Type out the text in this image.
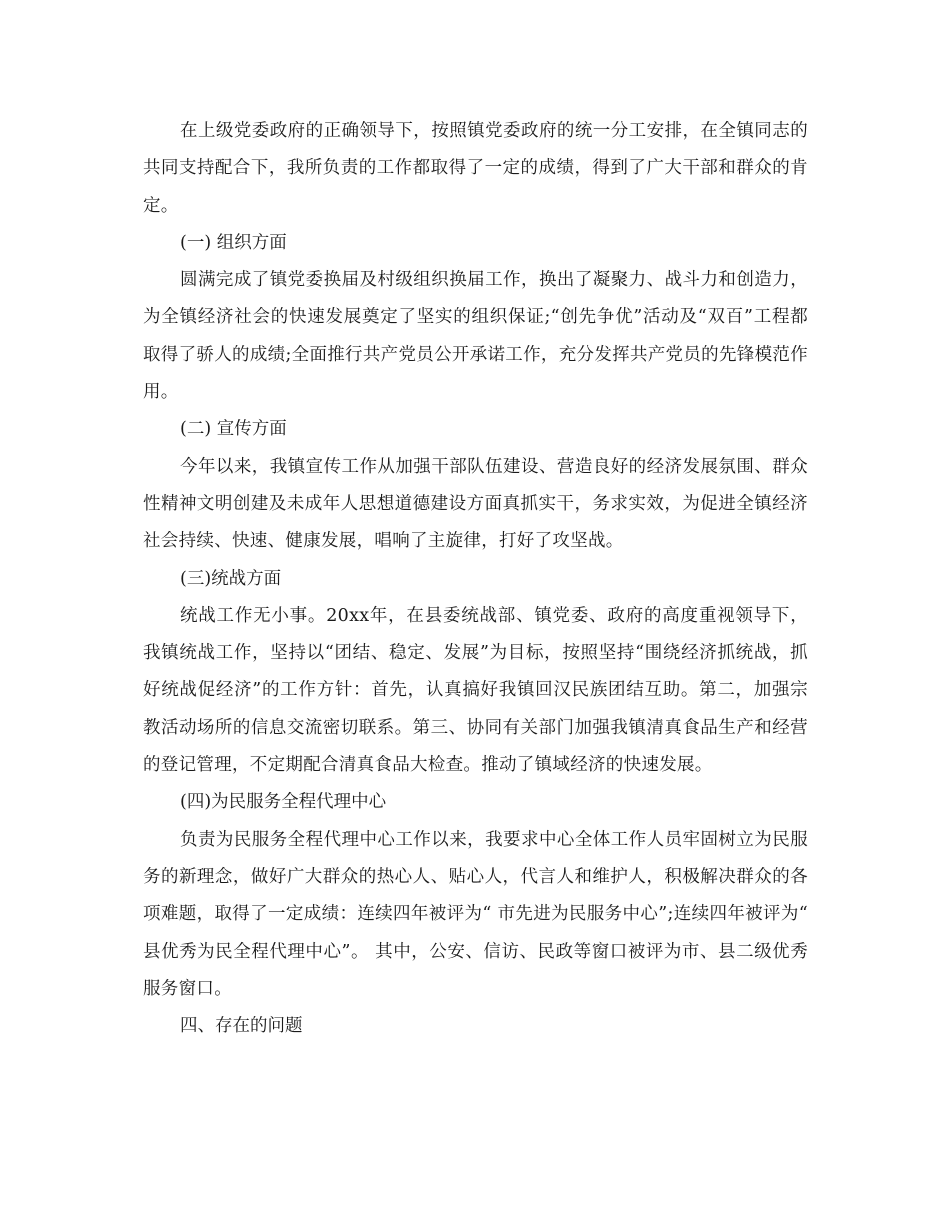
在上级党委政府的正确领导下，按照镇党委政府的统一分工安排，在全镇同志的共同支持配合下，我所负责的工作都取得了一定的成绩，得到了广大干部和群众的肯定。

(一) 组织方面

圆满完成了镇党委换届及村级组织换届工作，换出了凝聚力、战斗力和创造力，为全镇经济社会的快速发展奠定了坚实的组织保证;“创先争优”活动及“双百”工程都取得了骄人的成绩;全面推行共产党员公开承诺工作，充分发挥共产党员的先锋模范作用。

(二) 宣传方面

今年以来，我镇宣传工作从加强干部队伍建设、营造良好的经济发展氛围、群众性精神文明创建及未成年人思想道德建设方面真抓实干，务求实效，为促进全镇经济社会持续、快速、健康发展，唱响了主旋律，打好了攻坚战。

(三)统战方面

统战工作无小事。20xx年，在县委统战部、镇党委、政府的高度重视领导下，我镇统战工作，坚持以“团结、稳定、发展”为目标，按照坚持“围绕经济抓统战，抓好统战促经济”的工作方针：首先，认真搞好我镇回汉民族团结互助。第二，加强宗教活动场所的信息交流密切联系。第三、协同有关部门加强我镇清真食品生产和经营的登记管理，不定期配合清真食品大检查。推动了镇域经济的快速发展。

(四)为民服务全程代理中心

负责为民服务全程代理中心工作以来，我要求中心全体工作人员牢固树立为民服务的新理念，做好广大群众的热心人、贴心人，代言人和维护人，积极解决群众的各项难题，取得了一定成绩：连续四年被评为“ 市先进为民服务中心”;连续四年被评为“ 县优秀为民全程代理中心”。 其中，公安、信访、民政等窗口被评为市、县二级优秀服务窗口。

四、存在的问题
